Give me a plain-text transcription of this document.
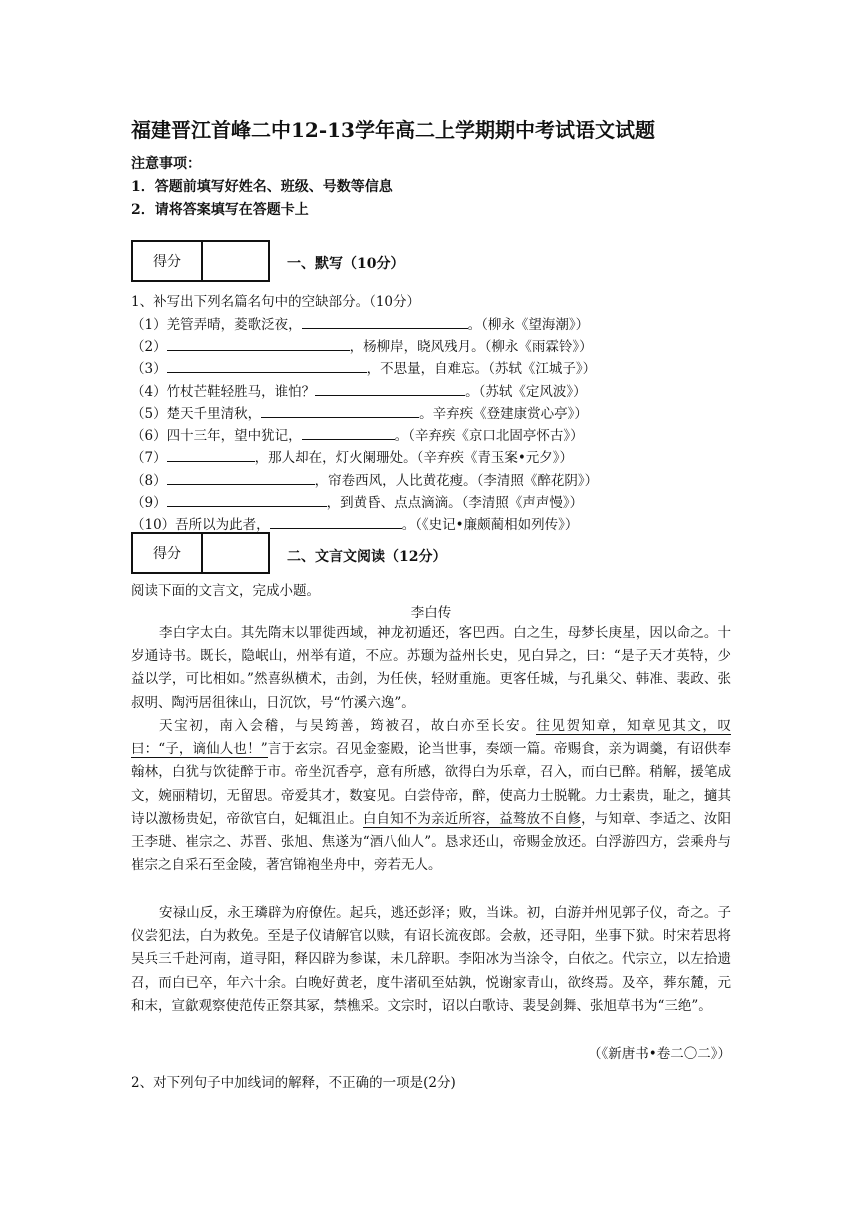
福建晋江首峰二中12-13学年高二上学期期中考试语文试题
注意事项：
1．答题前填写好姓名、班级、号数等信息
2．请将答案填写在答题卡上
得分	一、默写（10分）
1、补写出下列名篇名句中的空缺部分。（10分）
（1）羌管弄晴，菱歌泛夜，	。（柳永《望海潮》）
（2）	，杨柳岸，晓风残月。（柳永《雨霖铃》）
（3）	，不思量，自难忘。（苏轼《江城子》）
（4）竹杖芒鞋轻胜马，谁怕？	。（苏轼《定风波》）
（5）楚天千里清秋，	。辛弃疾《登建康赏心亭》）
（6）四十三年，望中犹记，	。（辛弃疾《京口北固亭怀古》）
（7）	，那人却在，灯火阑珊处。（辛弃疾《青玉案•元夕》）
（8）	，帘卷西风，人比黄花瘦。（李清照《醉花阴》）
（9）	，到黄昏、点点滴滴。（李清照《声声慢》）
（10）吾所以为此者，	。（《史记•廉颇蔺相如列传》）
得分	二、文言文阅读（12分）
阅读下面的文言文，完成小题。
李白传
李白字太白。其先隋末以罪徙西域，神龙初遁还，客巴西。白之生，母梦长庚星，因以命之。十岁通诗书。既长，隐岷山，州举有道，不应。苏颋为益州长史，见白异之，曰：“是子天才英特，少益以学，可比相如。”然喜纵横术，击剑，为任侠，轻财重施。更客任城，与孔巢父、韩准、裴政、张叔明、陶沔居徂徕山，日沉饮，号“竹溪六逸”。
天宝初，南入会稽，与吴筠善，筠被召，故白亦至长安。往见贺知章，知章见其文，叹曰：“子，谪仙人也！”言于玄宗。召见金銮殿，论当世事，奏颂一篇。帝赐食，亲为调羹，有诏供奉翰林，白犹与饮徒醉于市。帝坐沉香亭，意有所感，欲得白为乐章，召入，而白已醉。稍解，援笔成文，婉丽精切，无留思。帝爱其才，数宴见。白尝侍帝，醉，使高力士脱靴。力士素贵，耻之，擿其诗以激杨贵妃，帝欲官白，妃辄沮止。白自知不为亲近所容，益骜放不自修，与知章、李适之、汝阳王李琎、崔宗之、苏晋、张旭、焦遂为“酒八仙人”。恳求还山，帝赐金放还。白浮游四方，尝乘舟与崔宗之自采石至金陵，著宫锦袍坐舟中，旁若无人。
安禄山反，永王璘辟为府僚佐。起兵，逃还彭泽；败，当诛。初，白游并州见郭子仪，奇之。子仪尝犯法，白为救免。至是子仪请解官以赎，有诏长流夜郎。会赦，还寻阳，坐事下狱。时宋若思将吴兵三千赴河南，道寻阳，释囚辟为参谋，未几辞职。李阳冰为当涂令，白依之。代宗立，以左拾遗召，而白已卒，年六十余。白晚好黄老，度牛渚矶至姑孰，悦谢家青山，欲终焉。及卒，葬东麓，元和末，宣歙观察使范传正祭其冢，禁樵采。文宗时，诏以白歌诗、裴旻剑舞、张旭草书为“三绝”。
（《新唐书•卷二〇二》）
2、对下列句子中加线词的解释，不正确的一项是(2分)
